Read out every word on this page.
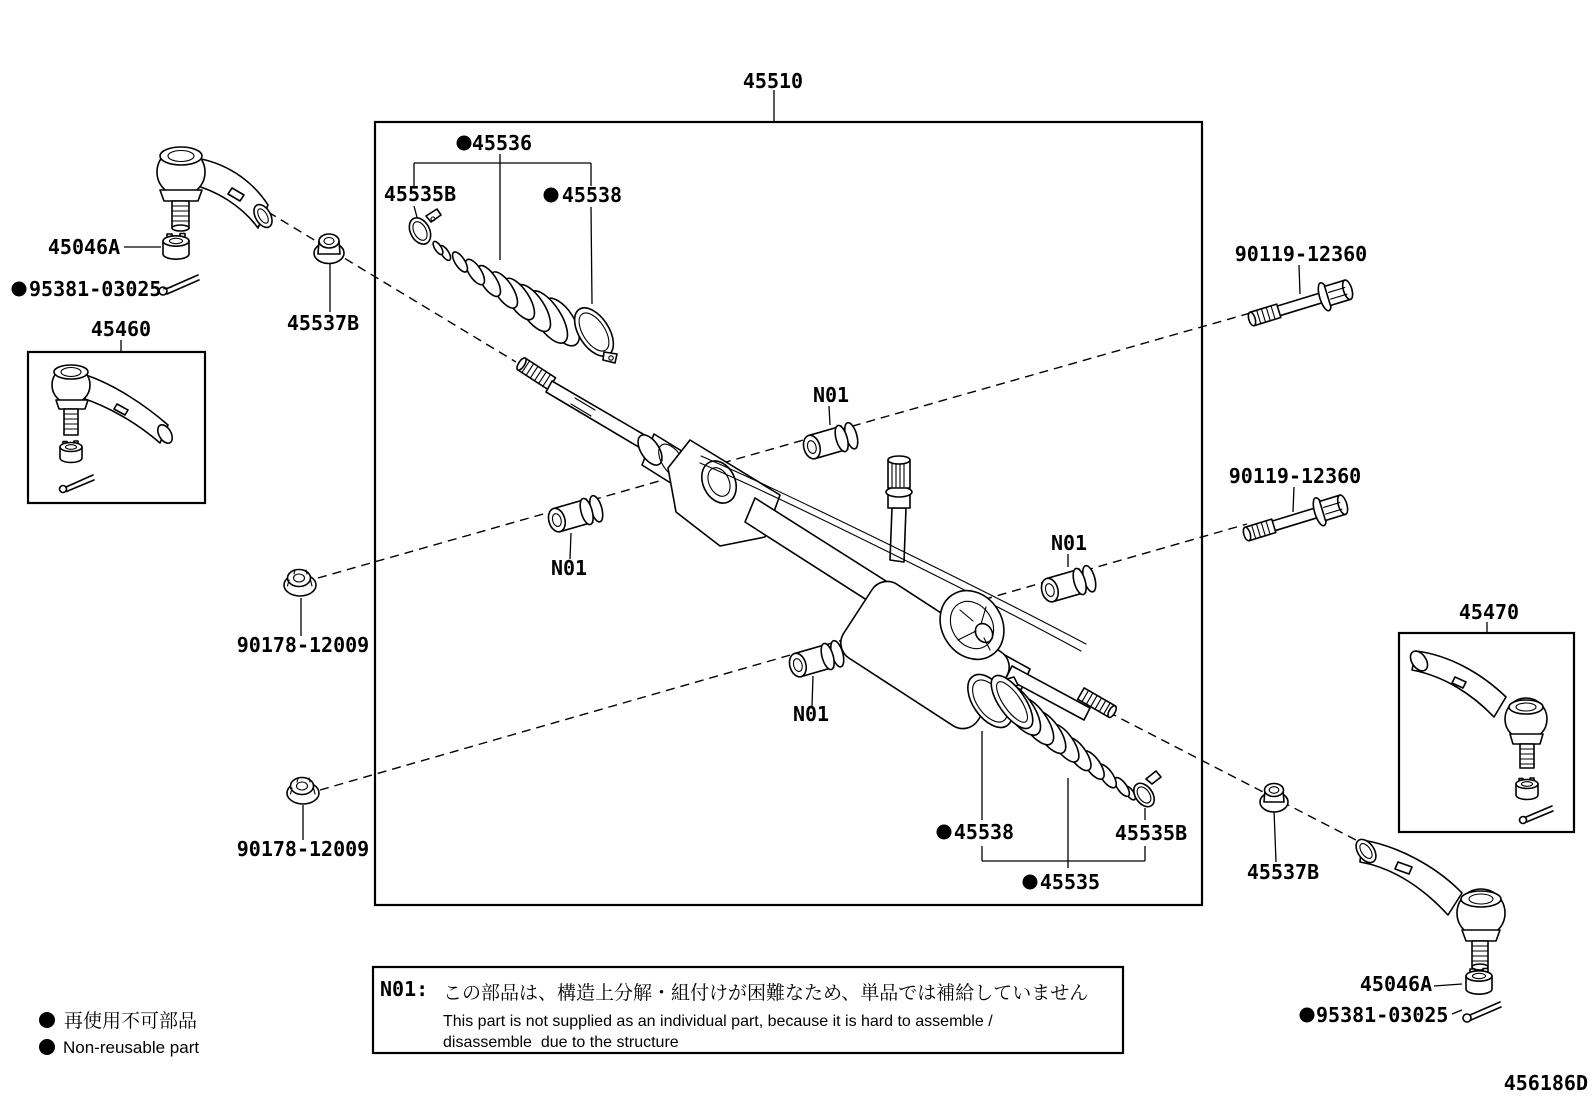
45510
45536
45535B	45538
45537B
45046A
95381-03025
45460
90178-12009
90178-12009
90119-12360
90119-12360
N01
N01
N01
N01
45538	45535B
45535
45470
45537B
45046A
95381-03025
N01: この部品は、構造上分解・組付けが困難なため、単品では補給していません
This part is not supplied as an individual part, because it is hard to assemble /
disassemble  due to the structure
再使用不可部品
Non-reusable part
456186D
